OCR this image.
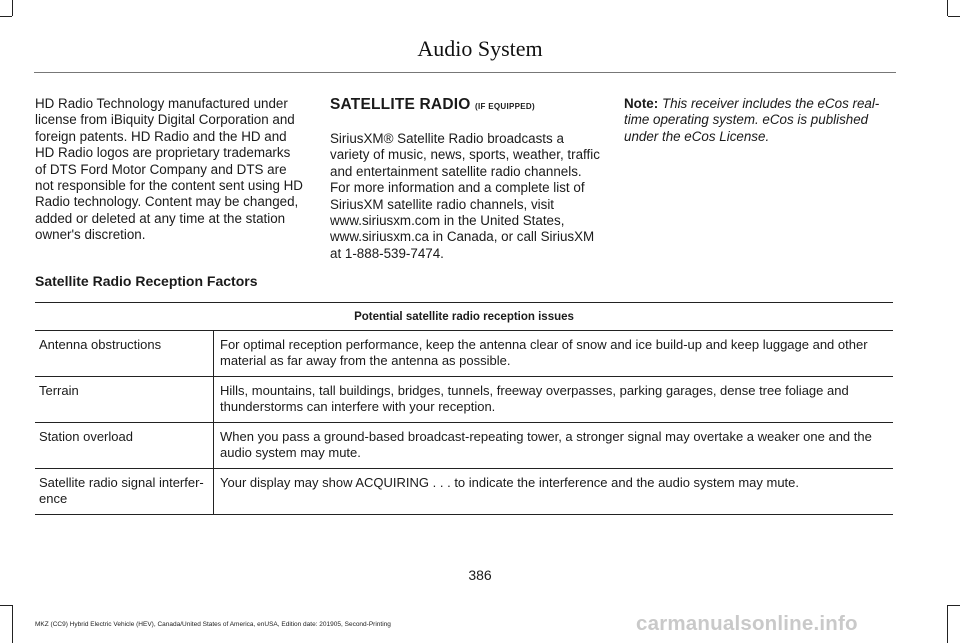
Audio System

HD Radio Technology manufactured under license from iBiquity Digital Corporation and foreign patents. HD Radio and the HD and HD Radio logos are proprietary trademarks of DTS Ford Motor Company and DTS are not responsible for the content sent using HD Radio technology. Content may be changed, added or deleted at any time at the station owner's discretion.

SATELLITE RADIO (IF EQUIPPED)

SiriusXM® Satellite Radio broadcasts a variety of music, news, sports, weather, traffic and entertainment satellite radio channels. For more information and a complete list of SiriusXM satellite radio channels, visit www.siriusxm.com in the United States, www.siriusxm.ca in Canada, or call SiriusXM at 1-888-539-7474.

Note: This receiver includes the eCos real-time operating system. eCos is published under the eCos License.

Satellite Radio Reception Factors
Potential satellite radio reception issues	
Antenna obstructions	For optimal reception performance, keep the antenna clear of snow and ice build-up and keep luggage and other material as far away from the antenna as possible.
Terrain	Hills, mountains, tall buildings, bridges, tunnels, freeway overpasses, parking garages, dense tree foliage and thunderstorms can interfere with your reception.
Station overload	When you pass a ground-based broadcast-repeating tower, a stronger signal may overtake a weaker one and the audio system may mute.
Satellite radio signal interfer-ence	Your display may show ACQUIRING . . . to indicate the interference and the audio system may mute.
386
MKZ (CC9) Hybrid Electric Vehicle (HEV), Canada/United States of America, enUSA, Edition date: 201905, Second-Printing	carmanualsonline.info
